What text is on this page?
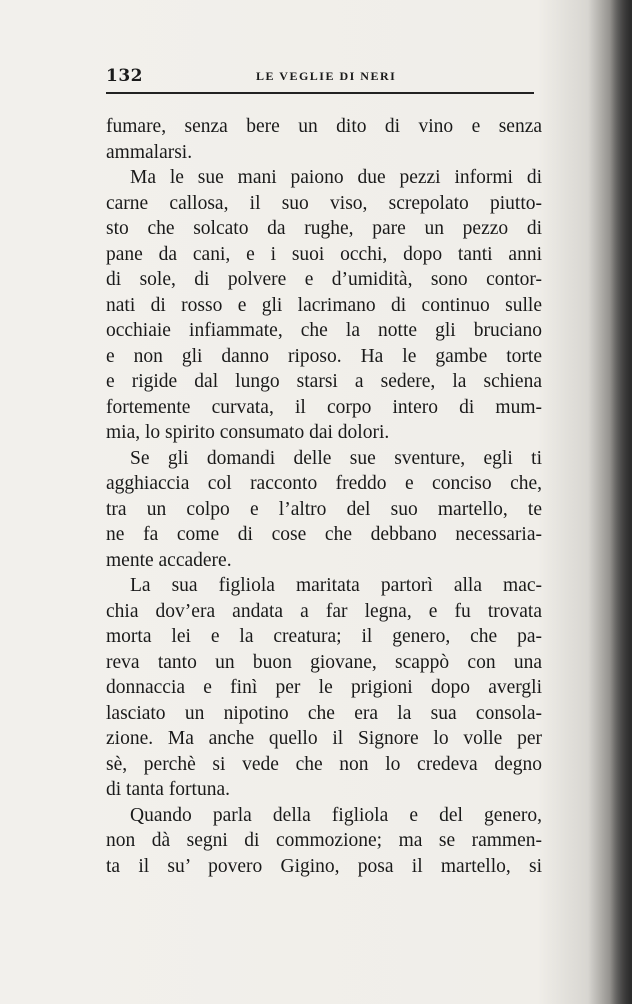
132	LE VEGLIE DI NERI
fumare, senza bere un dito di vino e senza
ammalarsi.
Ma le sue mani paiono due pezzi informi di
carne callosa, il suo viso, screpolato piutto-
sto che solcato da rughe, pare un pezzo di
pane da cani, e i suoi occhi, dopo tanti anni
di sole, di polvere e d’umidità, sono contor-
nati di rosso e gli lacrimano di continuo sulle
occhiaie infiammate, che la notte gli bruciano
e non gli danno riposo. Ha le gambe torte
e rigide dal lungo starsi a sedere, la schiena
fortemente curvata, il corpo intero di mum-
mia, lo spirito consumato dai dolori.
Se gli domandi delle sue sventure, egli ti
agghiaccia col racconto freddo e conciso che,
tra un colpo e l’altro del suo martello, te
ne fa come di cose che debbano necessaria-
mente accadere.
La sua figliola maritata partorì alla mac-
chia dov’era andata a far legna, e fu trovata
morta lei e la creatura; il genero, che pa-
reva tanto un buon giovane, scappò con una
donnaccia e finì per le prigioni dopo avergli
lasciato un nipotino che era la sua consola-
zione. Ma anche quello il Signore lo volle per
sè, perchè si vede che non lo credeva degno
di tanta fortuna.
Quando parla della figliola e del genero,
non dà segni di commozione; ma se rammen-
ta il su’ povero Gigino, posa il martello, si
